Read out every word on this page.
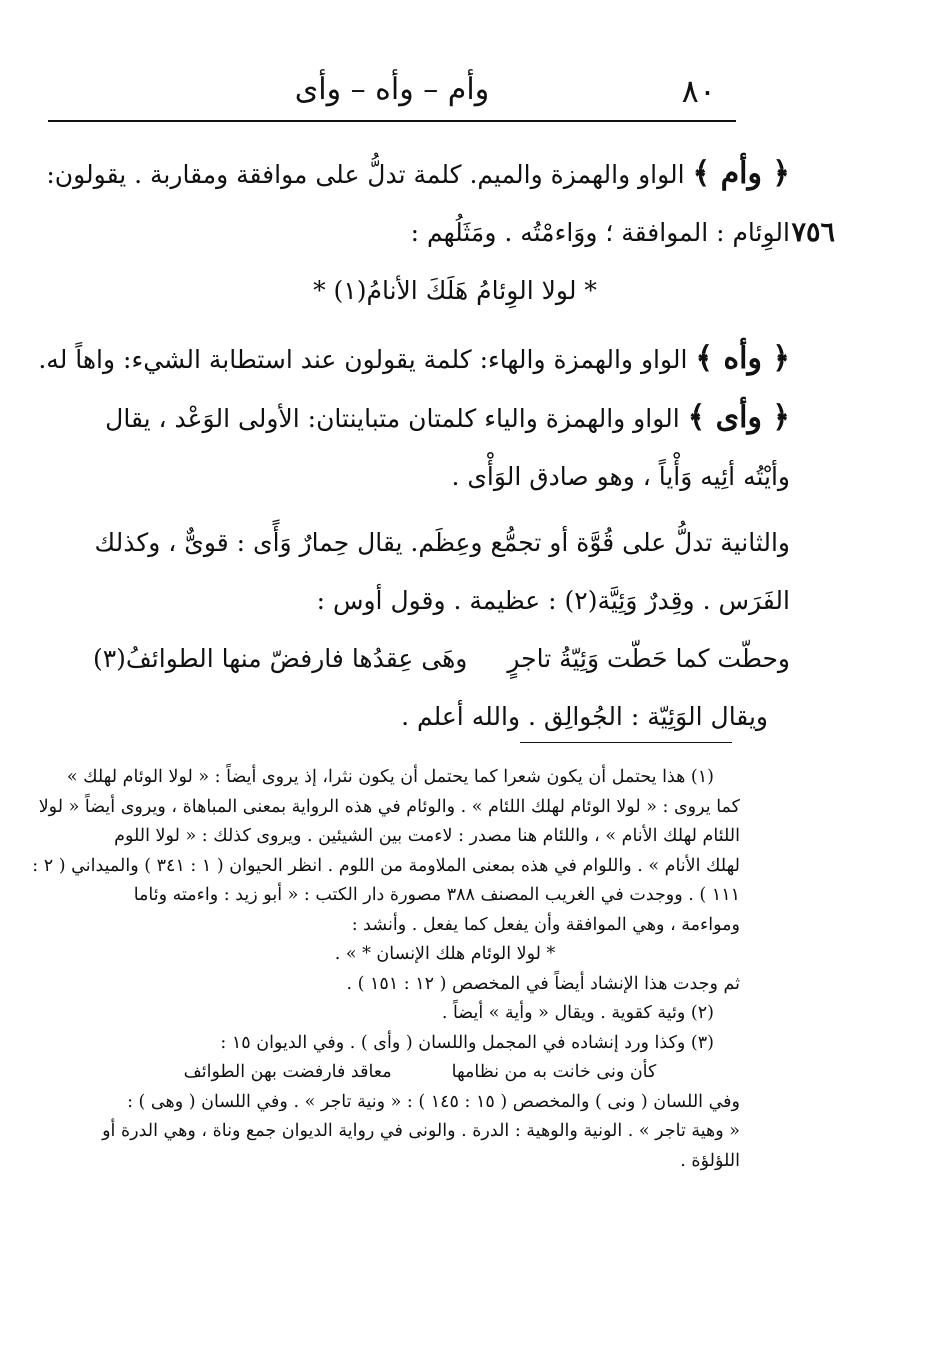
٨٠
وأم – وأه – وأى

﴿ وأم ﴾ الواو والهمزة والميم. كلمة تدلُّ على موافقة ومقاربة . يقولون:

٧٥٦
الوِئام : الموافقة ؛ ووَاءمْتُه . ومَثَلُهم :

* لولا الوِئامُ هَلَكَ الأنامُ(١) *

﴿ وأه ﴾ الواو والهمزة والهاء: كلمة يقولون عند استطابة الشيء: واهاً له.

﴿ وأى ﴾ الواو والهمزة والياء كلمتان متباينتان: الأولى الوَعْد ، يقال

وأيْتُه أئِيه وَأْياً ، وهو صادق الوَأْى .

والثانية تدلُّ على قُوَّة أو تجمُّع وعِظَم. يقال حِمارٌ وَأًى : قوىٌّ ، وكذلك

الفَرَس . وقِدرٌ وَئِيَّة(٢) : عظيمة . وقول أوس :

وحطّت كما حَطّت وَئِيّةُ تاجرٍ
وهَى عِقدُها فارفضّ منها الطوائفُ(٣)

ويقال الوَئِيّة : الجُوالِق . والله أعلم .

(١) هذا يحتمل أن يكون شعرا كما يحتمل أن يكون نثرا، إذ يروى أيضاً : « لولا الوئام لهلك »

كما يروى : « لولا الوئام لهلك اللئام » . والوئام في هذه الرواية بمعنى المباهاة ، ويروى أيضاً « لولا

اللئام لهلك الأنام » ، واللئام هنا مصدر : لاءمت بين الشيئين . ويروى كذلك : « لولا اللوم

لهلك الأنام » . واللوام في هذه بمعنى الملاومة من اللوم . انظر الحيوان ( ١ : ٣٤١ ) والميداني ( ٢ :

١١١ ) . ووجدت في الغريب المصنف ٣٨٨ مصورة دار الكتب : « أبو زيد : واءمته وئاما

ومواءمة ، وهي الموافقة وأن يفعل كما يفعل . وأنشد :

* لولا الوئام هلك الإنسان * » .

ثم وجدت هذا الإنشاد أيضاً في المخصص ( ١٢ : ١٥١ ) .

(٢) وئية كقوية . ويقال « وأية » أيضاً .

(٣) وكذا ورد إنشاده في المجمل واللسان ( وأى ) . وفي الديوان ١٥ :

كأن ونى خانت به من نظامها
معاقد فارفضت بهن الطوائف

وفي اللسان ( ونى ) والمخصص ( ١٥ : ١٤٥ ) : « ونية تاجر » . وفي اللسان ( وهى ) :

« وهية تاجر » . الونية والوهية : الدرة . والونى في رواية الديوان جمع وناة ، وهي الدرة أو

اللؤلؤة .
